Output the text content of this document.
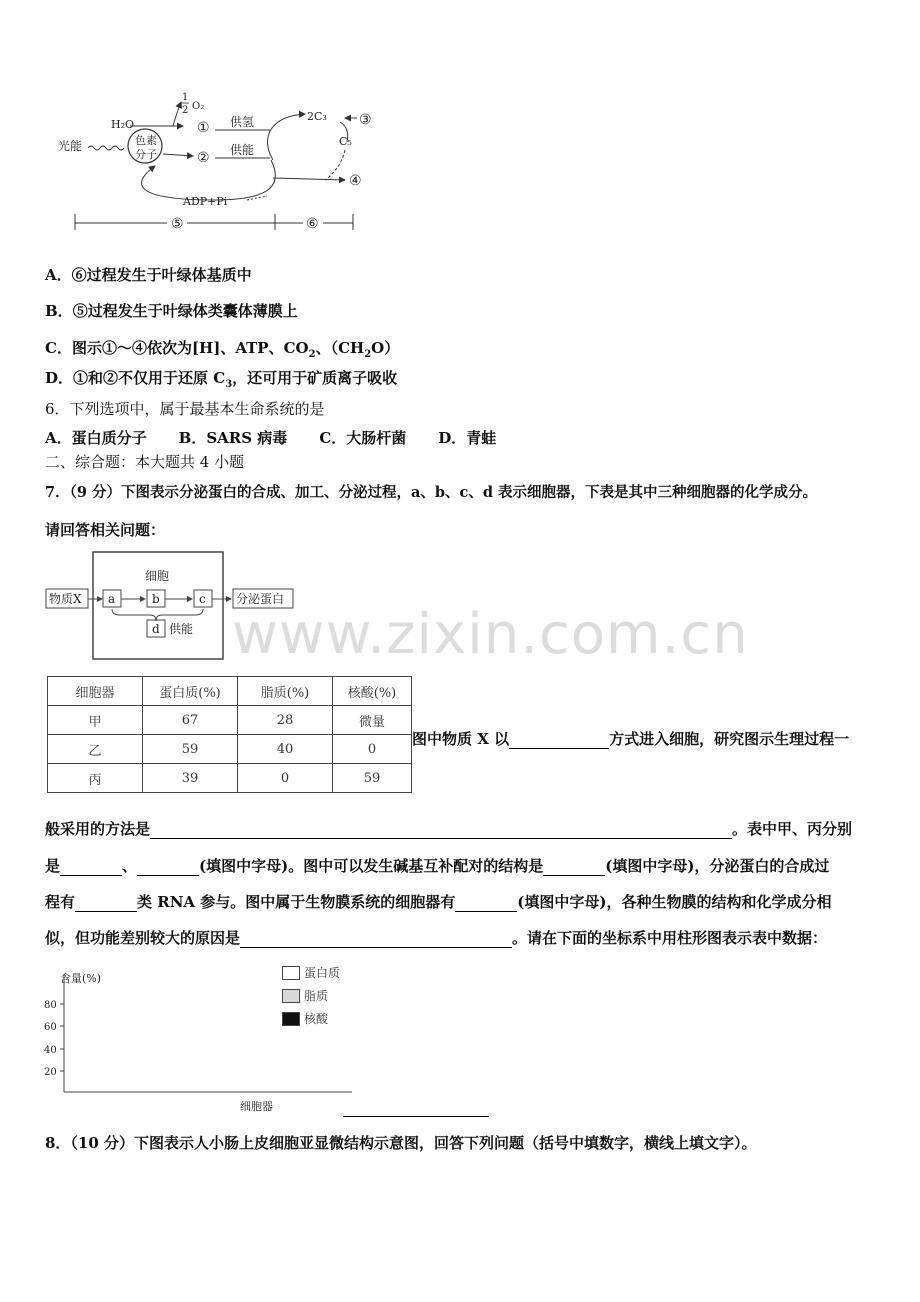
光能	色素
分子
H₂O
1
2 O₂
①
②
供氢
供能
2C₃
C₅
③
④
ADP+Pi
⑤	⑥
A．⑥过程发生于叶绿体基质中
B．⑤过程发生于叶绿体类囊体薄膜上
C．图示①～④依次为[H]、ATP、$CO_2$、$(CH_2O)$
D．①和②不仅用于还原 $C_3$，还可用于矿质离子吸收
6．下列选项中，属于最基本生命系统的是
A．蛋白质分子 B．SARS 病毒 C．大肠杆菌 D．青蛙
二、综合题：本大题共 4 小题
7．（9 分）下图表示分泌蛋白的合成、加工、分泌过程，a、b、c、d 表示细胞器，下表是其中三种细胞器的化学成分。
请回答相关问题：
细胞
物质X a	b	c	分泌蛋白
d 供能 www.zixin.com.cn
细胞器	蛋白质(%)	脂质(%)	核酸(%)
甲	67	28	微量
乙	59	40	0
丙	39	0	59
图中物质 X 以	方式进入细胞，研究图示生理过程一
般采用的方法是	。表中甲、丙分别
是	、	(填图中字母)。图中可以发生碱基互补配对的结构是	(填图中字母)，分泌蛋白的合成过
程有	类 RNA 参与。图中属于生物膜系统的细胞器有	(填图中字母)，各种生物膜的结构和化学成分相
似，但功能差别较大的原因是	。请在下面的坐标系中用柱形图表示表中数据：
含量(%)
80
60
40
20
细胞器
蛋白质
脂质
核酸
8．（10 分）下图表示人小肠上皮细胞亚显微结构示意图，回答下列问题（括号中填数字，横线上填文字）。
